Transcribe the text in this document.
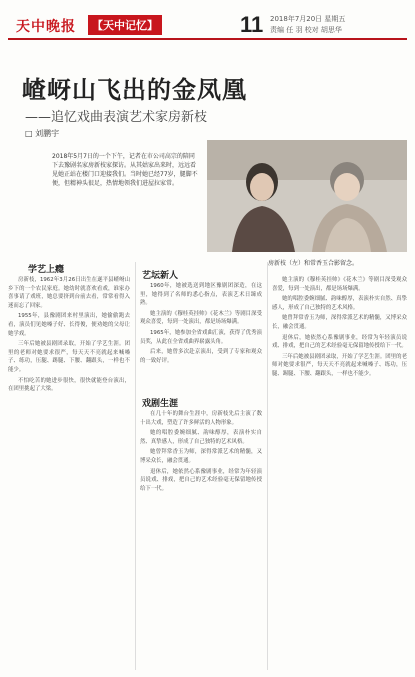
天中晚报	【天中记忆】	11 2018年7月20日 星期五
责编 任 羽 校对 胡思华
嵖岈山飞出的金凤凰
——追忆戏曲表演艺术家房新枝
□ 刘鹏宇
2018年5月7日的一个下午，记者在市公司高宗的陪同下去豫剧名家房新枝家探访。从其姑家出来时，远远看见她正站在楼门口迎接我们。当时她已经77岁，腿脚不便，但精神头很足，热情地领我们进屋拉家常。
房新枝（左）和常香玉合影留念。
学艺上瘾

房新枝，1962年3月26日出生在遂平县嵖岈山乡下的一个农民家庭。她幼时就喜欢看戏，谁家办喜事请了戏班，她总要挤到台前去看，常常看得入迷而忘了回家。

1955年，县豫剧团来村里演出，她偷偷跑去看，演员们见她嗓子好、长得俊，便劝她的父母让她学戏。

三年后她被县剧团录取，开始了学艺生涯。团里的老师对她要求很严，每天天不亮就起来喊嗓子、练功，压腿、踢腿、下腰、翻跟头，一样也不能少。

不怕吃苦的她进步很快，很快就能登台演出，在团里挑起了大梁。

艺坛新人

1960年，她被选送到地区豫剧团深造，在这里，她得到了名师的悉心指点，表演艺术日臻成熟。

她主演的《穆桂英挂帅》《花木兰》等剧目深受观众喜爱，每到一处演出，都是场场爆满。

1965年，她参加全省戏曲汇演，获得了优秀演员奖，从此在全省戏曲界崭露头角。

后来，她曾多次赴京演出，受到了专家和观众的一致好评。

戏剧生涯

在几十年的舞台生涯中，房新枝先后主演了数十出大戏，塑造了许多鲜活的人物形象。

她的唱腔委婉细腻、韵味醇厚，表演朴实自然、真挚感人，形成了自己独特的艺术风格。

她曾拜常香玉为师，深得常派艺术的精髓，又博采众长，融会贯通。

退休后，她依然心系豫剧事业，经常为年轻演员说戏、排戏，把自己的艺术经验毫无保留地传授给下一代。

她主演的《穆桂英挂帅》《花木兰》等剧目深受观众喜爱，每到一处演出，都是场场爆满。

她的唱腔委婉细腻、韵味醇厚，表演朴实自然、真挚感人，形成了自己独特的艺术风格。

她曾拜常香玉为师，深得常派艺术的精髓，又博采众长，融会贯通。

退休后，她依然心系豫剧事业，经常为年轻演员说戏、排戏，把自己的艺术经验毫无保留地传授给下一代。

三年后她被县剧团录取，开始了学艺生涯。团里的老师对她要求很严，每天天不亮就起来喊嗓子、练功，压腿、踢腿、下腰、翻跟头，一样也不能少。
